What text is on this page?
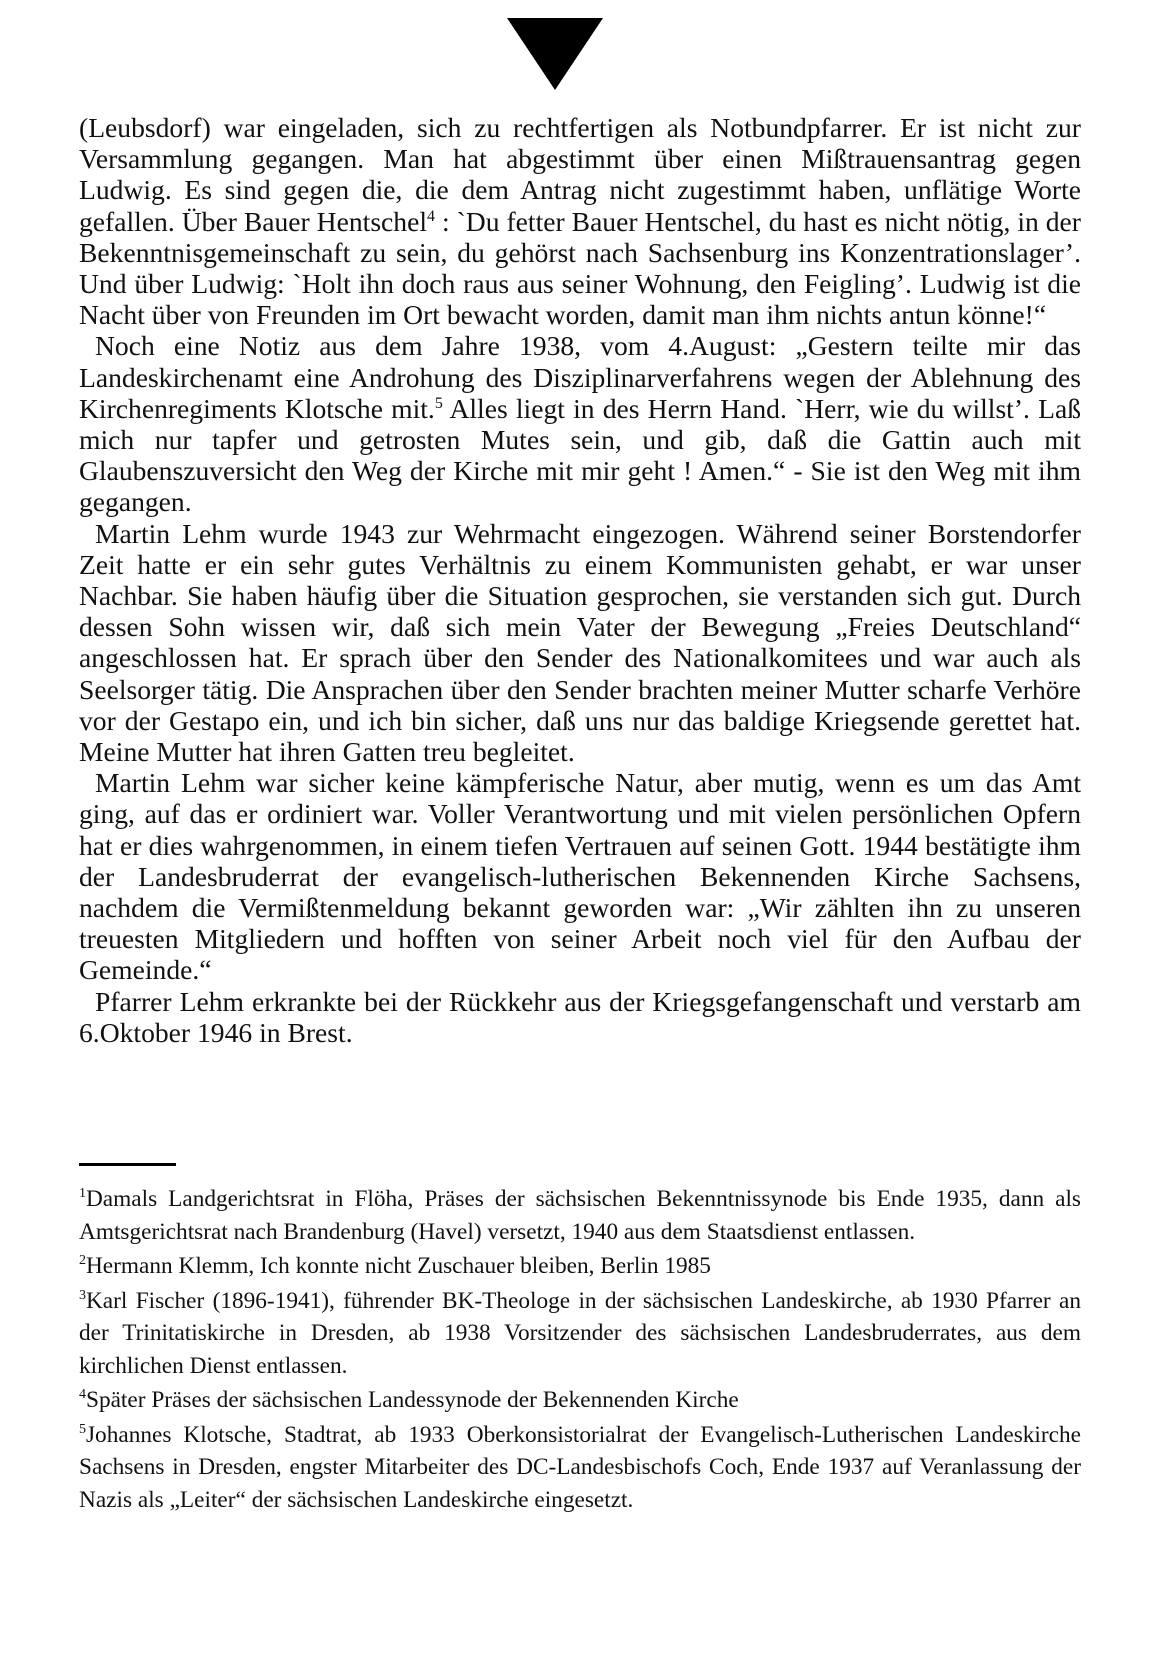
(Leubsdorf) war eingeladen, sich zu rechtfertigen als Notbundpfarrer. Er ist nicht zur Versammlung gegangen. Man hat abgestimmt über einen Mißtrauensantrag gegen Ludwig. Es sind gegen die, die dem Antrag nicht zugestimmt haben, unflätige Worte gefallen. Über Bauer Hentschel$^4$ : `Du fetter Bauer Hentschel, du hast es nicht nötig, in der Bekenntnisgemeinschaft zu sein, du gehörst nach Sachsenburg ins Konzentrationslager’. Und über Ludwig: `Holt ihn doch raus aus seiner Wohnung, den Feigling’. Ludwig ist die Nacht über von Freunden im Ort bewacht worden, damit man ihm nichts antun könne!“

Noch eine Notiz aus dem Jahre 1938, vom 4.August: „Gestern teilte mir das Landeskirchenamt eine Androhung des Disziplinarverfahrens wegen der Ablehnung des Kirchenregiments Klotsche mit.$^5$ Alles liegt in des Herrn Hand. `Herr, wie du willst’. Laß mich nur tapfer und getrosten Mutes sein, und gib, daß die Gattin auch mit Glaubenszuversicht den Weg der Kirche mit mir geht ! Amen.“ - Sie ist den Weg mit ihm gegangen.

Martin Lehm wurde 1943 zur Wehrmacht eingezogen. Während seiner Borstendorfer Zeit hatte er ein sehr gutes Verhältnis zu einem Kommunisten gehabt, er war unser Nachbar. Sie haben häufig über die Situation gesprochen, sie verstanden sich gut. Durch dessen Sohn wissen wir, daß sich mein Vater der Bewegung „Freies Deutschland“ angeschlossen hat. Er sprach über den Sender des Nationalkomitees und war auch als Seelsorger tätig. Die Ansprachen über den Sender brachten meiner Mutter scharfe Verhöre vor der Gestapo ein, und ich bin sicher, daß uns nur das baldige Kriegsende gerettet hat. Meine Mutter hat ihren Gatten treu begleitet.

Martin Lehm war sicher keine kämpferische Natur, aber mutig, wenn es um das Amt ging, auf das er ordiniert war. Voller Verantwortung und mit vielen persönlichen Opfern hat er dies wahrgenommen, in einem tiefen Vertrauen auf seinen Gott. 1944 bestätigte ihm der Landesbruderrat der evangelisch-lutherischen Bekennenden Kirche Sachsens, nachdem die Vermißtenmeldung bekannt geworden war: „Wir zählten ihn zu unseren treuesten Mitgliedern und hofften von seiner Arbeit noch viel für den Aufbau der Gemeinde.“

Pfarrer Lehm erkrankte bei der Rückkehr aus der Kriegsgefangenschaft und verstarb am 6.Oktober 1946 in Brest.

$^1$Damals Landgerichtsrat in Flöha, Präses der sächsischen Bekenntnissynode bis Ende 1935, dann als Amtsgerichtsrat nach Brandenburg (Havel) versetzt, 1940 aus dem Staatsdienst entlassen.
$^2$Hermann Klemm, Ich konnte nicht Zuschauer bleiben, Berlin 1985
$^3$Karl Fischer (1896-1941), führender BK-Theologe in der sächsischen Landeskirche, ab 1930 Pfarrer an der Trinitatiskirche in Dresden, ab 1938 Vorsitzender des sächsischen Landesbruderrates, aus dem kirchlichen Dienst entlassen.
$^4$Später Präses der sächsischen Landessynode der Bekennenden Kirche
$^5$Johannes Klotsche, Stadtrat, ab 1933 Oberkonsistorialrat der Evangelisch-Lutherischen Landeskirche Sachsens in Dresden, engster Mitarbeiter des DC-Landesbischofs Coch, Ende 1937 auf Veranlassung der Nazis als „Leiter“ der sächsischen Landeskirche eingesetzt.
